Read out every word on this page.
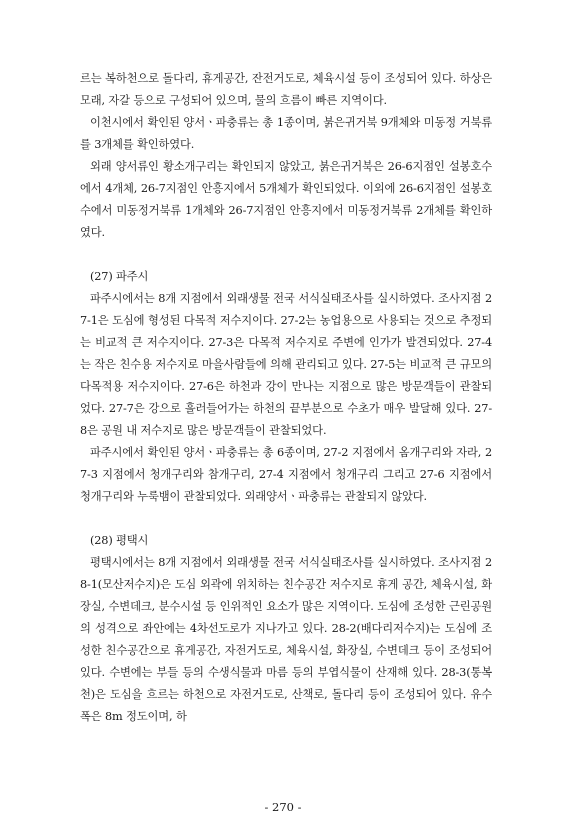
르는 복하천으로 돌다리, 휴게공간, 잔전거도로, 체육시설 등이 조성되어 있다. 하상은 모래, 자갈 등으로 구성되어 있으며, 물의 흐름이 빠른 지역이다.

이천시에서 확인된 양서ㆍ파충류는 총 1종이며, 붉은귀거북 9개체와 미동정 거북류를 3개체를 확인하였다.

외래 양서류인 황소개구리는 확인되지 않았고, 붉은귀거북은 26-6지점인 설봉호수에서 4개체, 26-7지점인 안흥지에서 5개체가 확인되었다. 이외에 26-6지점인 설봉호수에서 미동정거북류 1개체와 26-7지점인 안흥지에서 미동정거북류 2개체를 확인하였다.

(27) 파주시

파주시에서는 8개 지점에서 외래생물 전국 서식실태조사를 실시하였다. 조사지점 27-1은 도심에 형성된 다목적 저수지이다. 27-2는 농업용으로 사용되는 것으로 추정되는 비교적 큰 저수지이다. 27-3은 다목적 저수지로 주변에 인가가 발견되었다. 27-4는 작은 친수용 저수지로 마을사람들에 의해 관리되고 있다. 27-5는 비교적 큰 규모의 다목적용 저수지이다. 27-6은 하천과 강이 만나는 지점으로 많은 방문객들이 관찰되었다. 27-7은 강으로 흘러들어가는 하천의 끝부분으로 수초가 매우 발달해 있다. 27-8은 공원 내 저수지로 많은 방문객들이 관찰되었다.

파주시에서 확인된 양서ㆍ파충류는 총 6종이며, 27-2 지점에서 옴개구리와 자라, 27-3 지점에서 청개구리와 참개구리, 27-4 지점에서 청개구리 그리고 27-6 지점에서 청개구리와 누룩뱀이 관찰되었다. 외래양서ㆍ파충류는 관찰되지 않았다.

(28) 평택시

평택시에서는 8개 지점에서 외래생물 전국 서식실태조사를 실시하였다. 조사지점 28-1(모산저수지)은 도심 외곽에 위치하는 친수공간 저수지로 휴게 공간, 체육시설, 화장실, 수변데크, 분수시설 등 인위적인 요소가 많은 지역이다. 도심에 조성한 근린공원의 성격으로 좌안에는 4차선도로가 지나가고 있다. 28-2(배다리저수지)는 도심에 조성한 친수공간으로 휴게공간, 자전거도로, 체육시설, 화장실, 수변데크 등이 조성되어 있다. 수변에는 부들 등의 수생식물과 마름 등의 부엽식물이 산재해 있다. 28-3(통복천)은 도심을 흐르는 하천으로 자전거도로, 산책로, 돌다리 등이 조성되어 있다. 유수 폭은 8m 정도이며, 하

- 270 -
